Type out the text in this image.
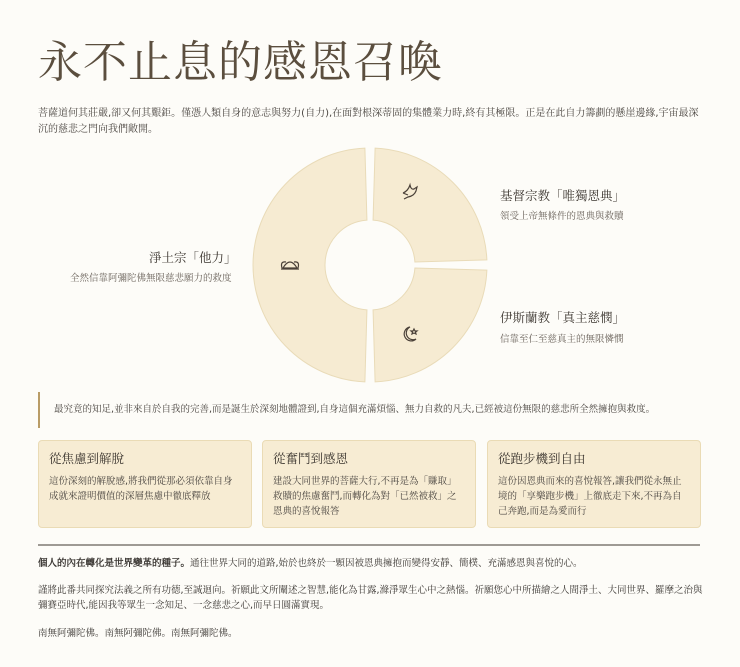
永不止息的感恩召喚
菩薩道何其莊嚴,卻又何其艱鉅。僅憑人類自身的意志與努力(自力),在面對根深蒂固的集體業力時,終有其極限。正是在此自力籌劃的懸崖邊緣,宇宙最深沉的慈悲之門向我們敞開。
淨土宗「他力」
全然信靠阿彌陀佛無限慈悲願力的救度
基督宗教「唯獨恩典」
領受上帝無條件的恩典與救贖
伊斯蘭教「真主慈憫」
信靠至仁至慈真主的無限憐憫
最究竟的知足,並非來自於自我的完善,而是誕生於深刻地體證到,自身這個充滿煩惱、無力自救的凡夫,已經被這份無限的慈悲所全然擁抱與救度。
從焦慮到解脫
這份深刻的解脫感,將我們從那必須依靠自身成就來證明價值的深層焦慮中徹底釋放
從奮鬥到感恩
建設大同世界的菩薩大行,不再是為「賺取」救贖的焦慮奮鬥,而轉化為對「已然被救」之恩典的喜悅報答
從跑步機到自由
這份因恩典而來的喜悅報答,讓我們從永無止境的「享樂跑步機」上徹底走下來,不再為自己奔跑,而是為愛而行
個人的內在轉化是世界變革的種子。通往世界大同的道路,始於也終於一顆因被恩典擁抱而變得安靜、簡樸、充滿感恩與喜悅的心。
謹將此番共同探究法義之所有功德,至誠迴向。祈願此文所闡述之智慧,能化為甘露,滌淨眾生心中之熱惱。祈願您心中所描繪之人間淨土、大同世界、羅摩之治與彌賽亞時代,能因我等眾生一念知足、一念慈悲之心,而早日圓滿實現。
南無阿彌陀佛。南無阿彌陀佛。南無阿彌陀佛。
